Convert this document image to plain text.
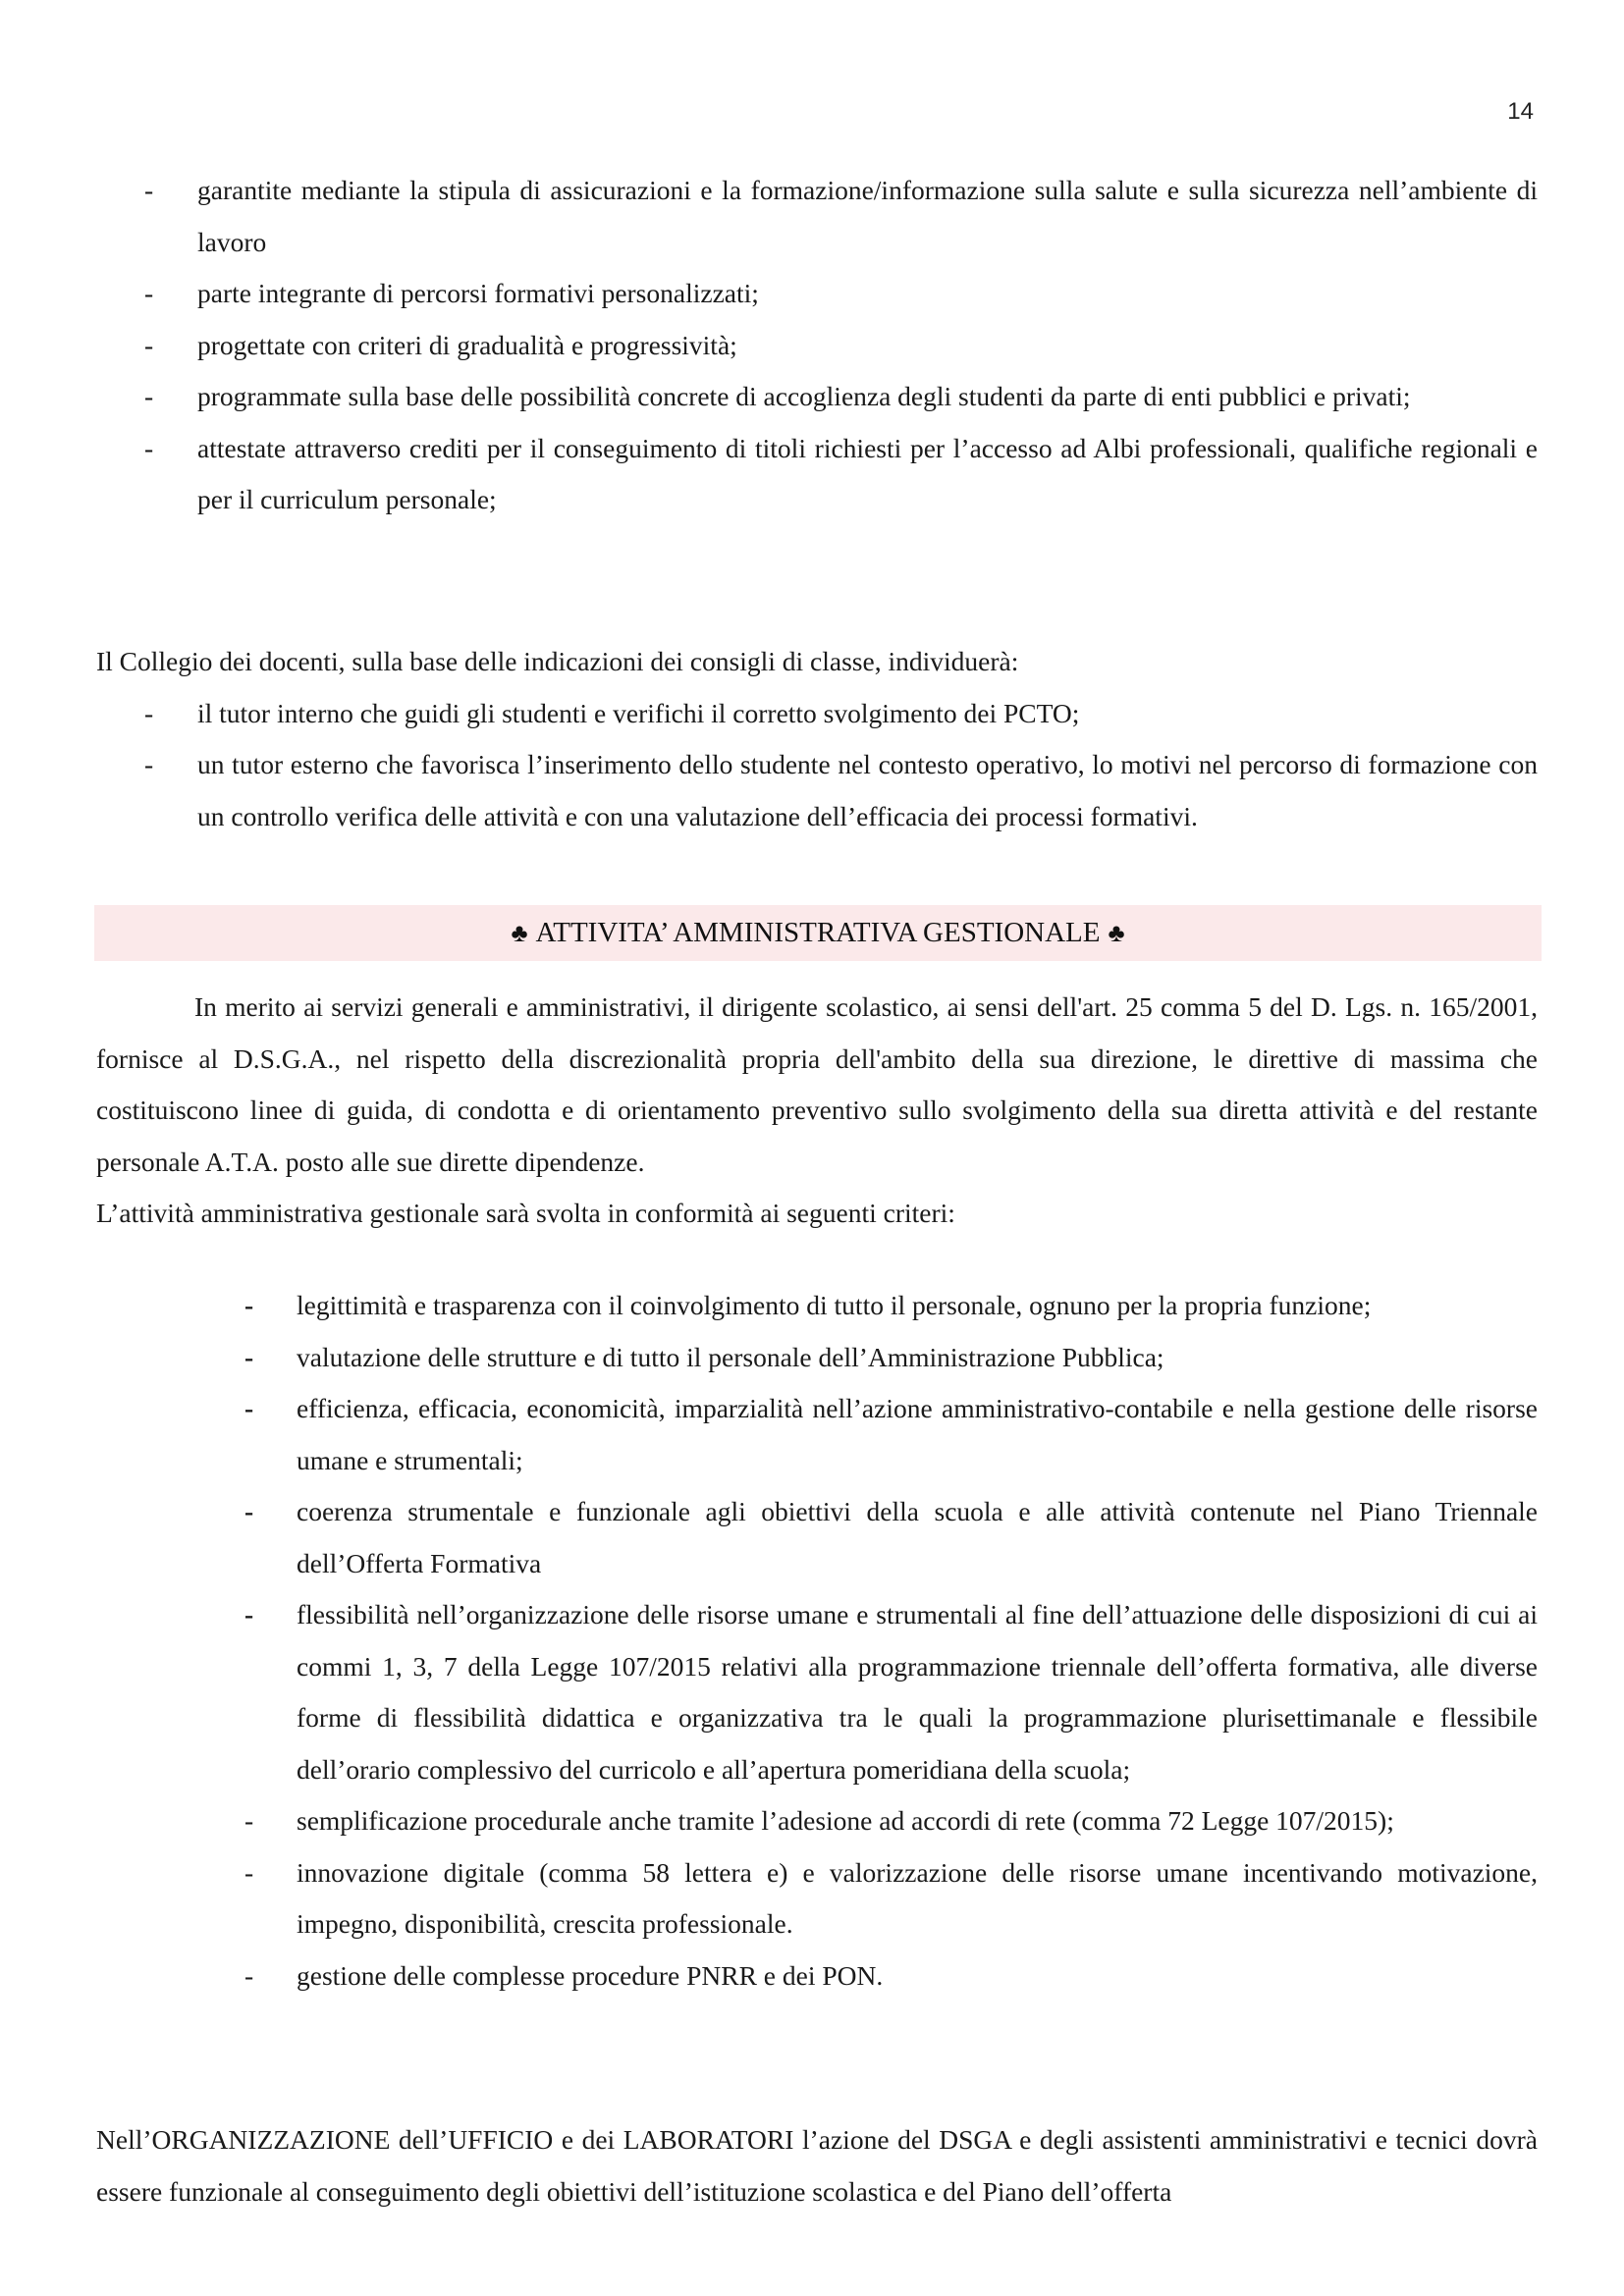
14
- garantite mediante la stipula di assicurazioni e la formazione/informazione sulla salute e sulla sicurezza nell’ambiente di lavoro
- parte integrante di percorsi formativi personalizzati;
- progettate con criteri di gradualità e progressività;
- programmate sulla base delle possibilità concrete di accoglienza degli studenti da parte di enti pubblici e privati;
- attestate attraverso crediti per il conseguimento di titoli richiesti per l’accesso ad Albi professionali, qualifiche regionali e per il curriculum personale;

Il Collegio dei docenti, sulla base delle indicazioni dei consigli di classe, individuerà:

- il tutor interno che guidi gli studenti e verifichi il corretto svolgimento dei PCTO;
- un tutor esterno che favorisca l’inserimento dello studente nel contesto operativo, lo motivi nel percorso di formazione con un controllo verifica delle attività e con una valutazione dell’efficacia dei processi formativi.
♣ ATTIVITA’ AMMINISTRATIVA GESTIONALE ♣

In merito ai servizi generali e amministrativi, il dirigente scolastico, ai sensi dell'art. 25 comma 5 del D. Lgs. n. 165/2001, fornisce al D.S.G.A., nel rispetto della discrezionalità propria dell'ambito della sua direzione, le direttive di massima che costituiscono linee di guida, di condotta e di orientamento preventivo sullo svolgimento della sua diretta attività e del restante personale A.T.A. posto alle sue dirette dipendenze.

L’attività amministrativa gestionale sarà svolta in conformità ai seguenti criteri:

- legittimità e trasparenza con il coinvolgimento di tutto il personale, ognuno per la propria funzione;
- valutazione delle strutture e di tutto il personale dell’Amministrazione Pubblica;
- efficienza, efficacia, economicità, imparzialità nell’azione amministrativo-contabile e nella gestione delle risorse umane e strumentali;
- coerenza strumentale e funzionale agli obiettivi della scuola e alle attività contenute nel Piano Triennale dell’Offerta Formativa
- flessibilità nell’organizzazione delle risorse umane e strumentali al fine dell’attuazione delle disposizioni di cui ai commi 1, 3, 7 della Legge 107/2015 relativi alla programmazione triennale dell’offerta formativa, alle diverse forme di flessibilità didattica e organizzativa tra le quali la programmazione plurisettimanale e flessibile dell’orario complessivo del curricolo e all’apertura pomeridiana della scuola;
- semplificazione procedurale anche tramite l’adesione ad accordi di rete (comma 72 Legge 107/2015);
- innovazione digitale (comma 58 lettera e) e valorizzazione delle risorse umane incentivando motivazione, impegno, disponibilità, crescita professionale.
- gestione delle complesse procedure PNRR e dei PON.

Nell’ORGANIZZAZIONE dell’UFFICIO e dei LABORATORI l’azione del DSGA e degli assistenti amministrativi e tecnici dovrà essere funzionale al conseguimento degli obiettivi dell’istituzione scolastica e del Piano dell’offerta
